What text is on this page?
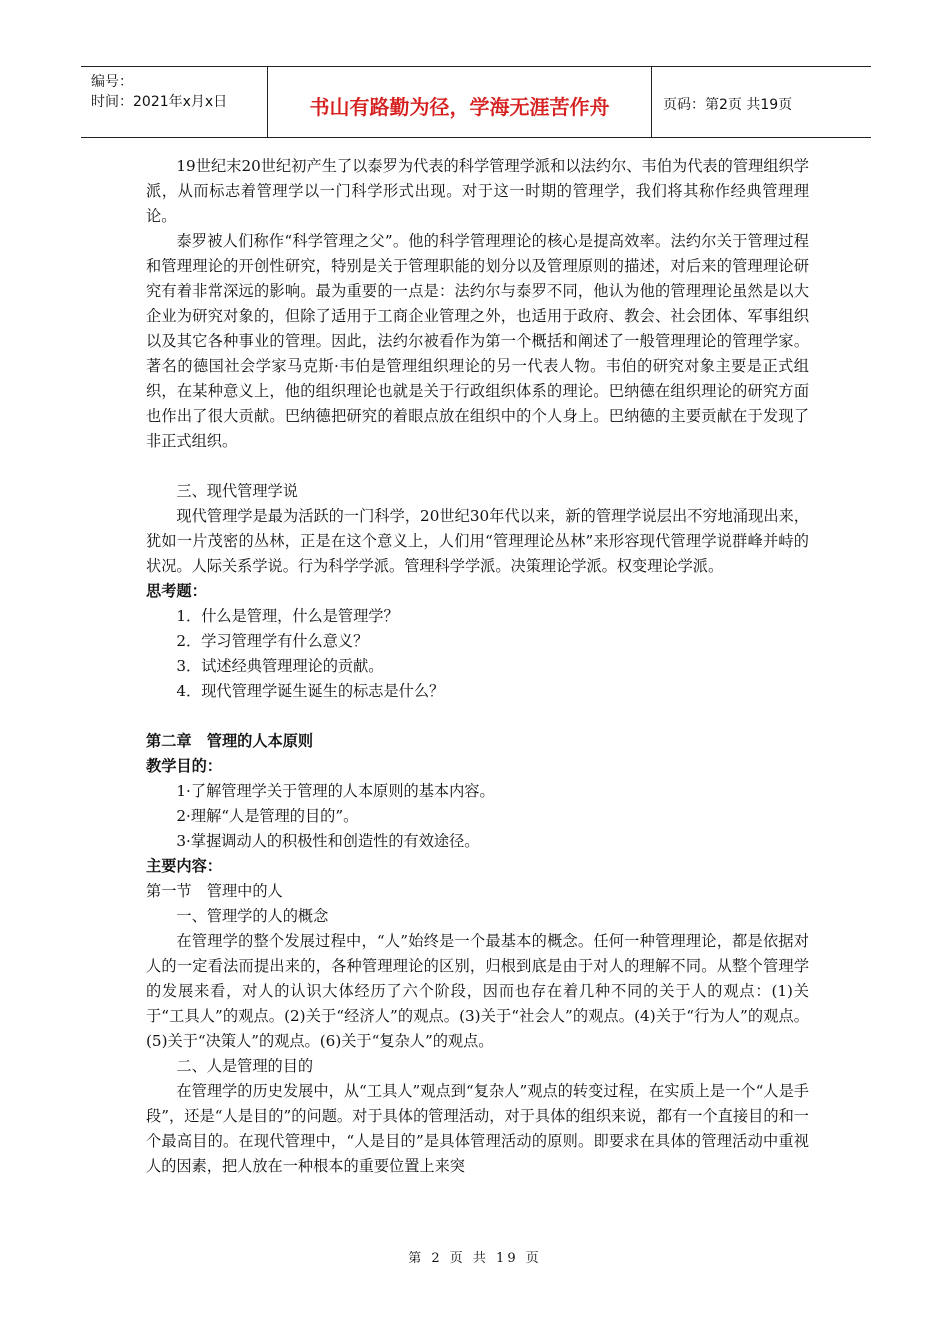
编号：
时间：2021年x月x日	书山有路勤为径，学海无涯苦作舟	页码：第2页 共19页

19世纪末20世纪初产生了以泰罗为代表的科学管理学派和以法约尔、韦伯为代表的管理组织学派，从而标志着管理学以一门科学形式出现。对于这一时期的管理学，我们将其称作经典管理理论。

泰罗被人们称作“科学管理之父”。他的科学管理理论的核心是提高效率。法约尔关于管理过程和管理理论的开创性研究，特别是关于管理职能的划分以及管理原则的描述，对后来的管理理论研究有着非常深远的影响。最为重要的一点是：法约尔与泰罗不同，他认为他的管理理论虽然是以大企业为研究对象的，但除了适用于工商企业管理之外，也适用于政府、教会、社会团体、军事组织以及其它各种事业的管理。因此，法约尔被看作为第一个概括和阐述了一般管理理论的管理学家。著名的德国社会学家马克斯·韦伯是管理组织理论的另一代表人物。韦伯的研究对象主要是正式组织，在某种意义上，他的组织理论也就是关于行政组织体系的理论。巴纳德在组织理论的研究方面也作出了很大贡献。巴纳德把研究的着眼点放在组织中的个人身上。巴纳德的主要贡献在于发现了非正式组织。

三、现代管理学说

现代管理学是最为活跃的一门科学，20世纪30年代以来，新的管理学说层出不穷地涌现出来，犹如一片茂密的丛林，正是在这个意义上，人们用“管理理论丛林”来形容现代管理学说群峰并峙的状况。人际关系学说。行为科学学派。管理科学学派。决策理论学派。权变理论学派。

思考题：

1．什么是管理，什么是管理学？

2．学习管理学有什么意义？

3．试述经典管理理论的贡献。

4．现代管理学诞生诞生的标志是什么？

第二章　管理的人本原则

教学目的：

1·了解管理学关于管理的人本原则的基本内容。

2·理解“人是管理的目的”。

3·掌握调动人的积极性和创造性的有效途径。

主要内容：

第一节　管理中的人

一、管理学的人的概念

在管理学的整个发展过程中，“人”始终是一个最基本的概念。任何一种管理理论，都是依据对人的一定看法而提出来的，各种管理理论的区别，归根到底是由于对人的理解不同。从整个管理学的发展来看，对人的认识大体经历了六个阶段，因而也存在着几种不同的关于人的观点：(1)关于“工具人”的观点。(2)关于“经济人”的观点。(3)关于“社会人”的观点。(4)关于“行为人”的观点。(5)关于“决策人”的观点。(6)关于“复杂人”的观点。

二、人是管理的目的

在管理学的历史发展中，从“工具人”观点到“复杂人”观点的转变过程，在实质上是一个“人是手段”，还是“人是目的”的问题。对于具体的管理活动，对于具体的组织来说，都有一个直接目的和一个最高目的。在现代管理中，“人是目的”是具体管理活动的原则。即要求在具体的管理活动中重视人的因素，把人放在一种根本的重要位置上来突

第 2 页 共 19 页
